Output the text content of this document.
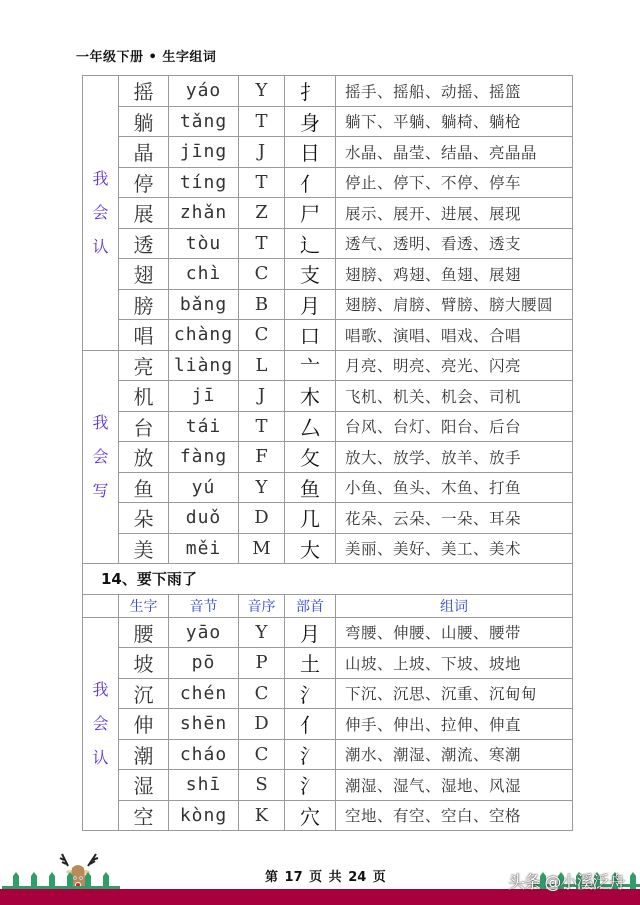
一年级下册 • 生字组词
我
会
认	摇	yáo	Y	扌	摇手、摇船、动摇、摇篮
	躺	tǎng	T	身	躺下、平躺、躺椅、躺枪
	晶	jīng	J	日	水晶、晶莹、结晶、亮晶晶
	停	tíng	T	亻	停止、停下、不停、停车
	展	zhǎn	Z	尸	展示、展开、进展、展现
	透	tòu	T	辶	透气、透明、看透、透支
	翅	chì	C	支	翅膀、鸡翅、鱼翅、展翅
	膀	bǎng	B	月	翅膀、肩膀、臂膀、膀大腰圆
	唱	chàng	C	口	唱歌、演唱、唱戏、合唱

我
会
写	亮	liàng	L	亠	月亮、明亮、亮光、闪亮
	机	jī	J	木	飞机、机关、机会、司机
	台	tái	T	厶	台风、台灯、阳台、后台
	放	fàng	F	攵	放大、放学、放羊、放手
	鱼	yú	Y	鱼	小鱼、鱼头、木鱼、打鱼
	朵	duǒ	D	几	花朵、云朵、一朵、耳朵
	美	měi	M	大	美丽、美好、美工、美术
14、要下雨了					
	生字	音节	音序	部首	组词

我
会
认	腰	yāo	Y	月	弯腰、伸腰、山腰、腰带
	坡	pō	P	土	山坡、上坡、下坡、坡地
	沉	chén	C	氵	下沉、沉思、沉重、沉甸甸
	伸	shēn	D	亻	伸手、伸出、拉伸、伸直
	潮	cháo	C	氵	潮水、潮湿、潮流、寒潮
	湿	shī	S	氵	潮湿、湿气、湿地、风湿
	空	kòng	K	穴	空地、有空、空白、空格
第 17 页 共 24 页	头条 @小溪泛舟
